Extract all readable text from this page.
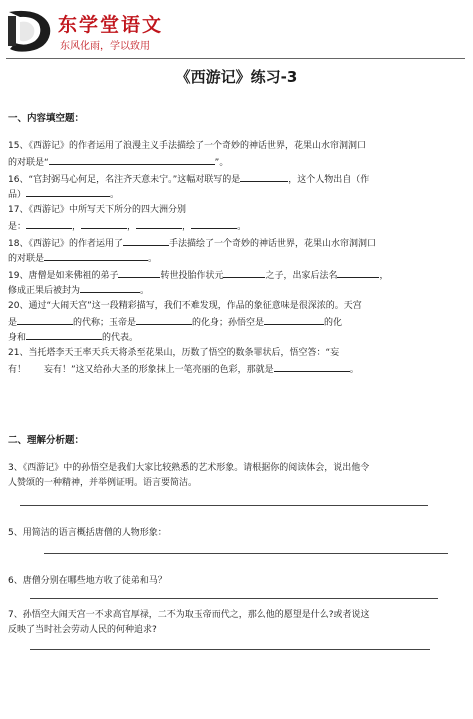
东学堂语文
东风化雨，学以致用
《西游记》练习-3
一、内容填空题：
15、《西游记》的作者运用了浪漫主义手法描绘了一个奇妙的神话世界，花果山水帘洞洞口
的对联是“	”。
16、“官封弼马心何足，名注齐天意未宁。”这幅对联写的是	，这个人物出自（作
品）	。
17、《西游记》中所写天下所分的四大洲分别
是：	，	，	，	。
18、《西游记》的作者运用了	手法描绘了一个奇妙的神话世界，花果山水帘洞洞口
的对联是	。
19、唐僧是如来佛祖的弟子	转世投胎作状元	之子，出家后法名	，
修成正果后被封为	。
20、通过“大闹天宫”这一段精彩描写，我们不难发现，作品的象征意味是很深浓的。天宫
是	的代称；玉帝是	的化身；孙悟空是	的化
身和	的代表。
21、当托塔李天王率天兵天将杀至花果山，历数了悟空的数条罪状后，悟空答：“妄
有！ 妄有！”这又给孙大圣的形象抹上一笔亮丽的色彩，那就是	。
二、理解分析题：
3、《西游记》中的孙悟空是我们大家比较熟悉的艺术形象。请根据你的阅读体会，说出他令
人赞颂的一种精神，并举例证明。语言要简洁。
5、用简洁的语言概括唐僧的人物形象：
6、唐僧分别在哪些地方收了徒弟和马？
7、孙悟空大闹天宫一不求高官厚禄，二不为取玉帝而代之，那么他的愿望是什么?或者说这
反映了当时社会劳动人民的何种追求?
